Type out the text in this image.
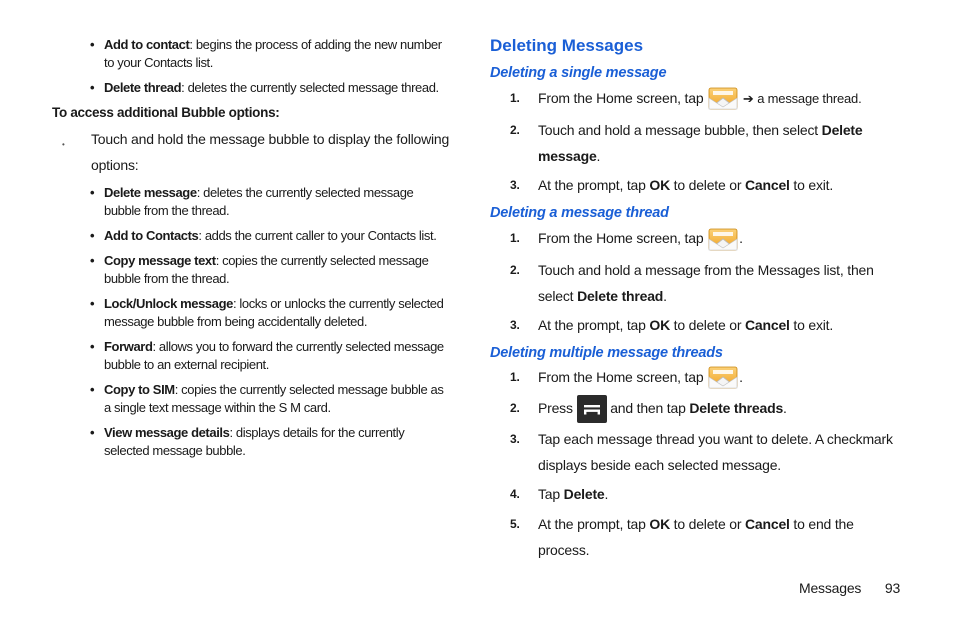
• Add to contact: begins the process of adding the new number to your Contacts list.
• Delete thread: deletes the currently selected message thread.

To access additional Bubble options:

• Touch and hold the message bubble to display the following options:
• Delete message: deletes the currently selected message bubble from the thread.
• Add to Contacts: adds the current caller to your Contacts list.
• Copy message text: copies the currently selected message bubble from the thread.
• Lock/Unlock message: locks or unlocks the currently selected message bubble from being accidentally deleted.
• Forward: allows you to forward the currently selected message bubble to an external recipient.
• Copy to SIM: copies the currently selected message bubble as a single text message within the S M card.
• View message details: displays details for the currently selected message bubble.
Deleting Messages
Deleting a single message
1. From the Home screen, tap	➔ a message thread.
2. Touch and hold a message bubble, then select Delete
message.
3. At the prompt, tap OK to delete or Cancel to exit.
Deleting a message thread
1. From the Home screen, tap	.
2. Touch and hold a message from the Messages list, then
select Delete thread.
3. At the prompt, tap OK to delete or Cancel to exit.
Deleting multiple message threads
1. From the Home screen, tap	.
2. Press	and then tap Delete threads.
3. Tap each message thread you want to delete. A checkmark
displays beside each selected message.
4. Tap Delete.
5. At the prompt, tap OK to delete or Cancel to end the
process.
Messages 93
